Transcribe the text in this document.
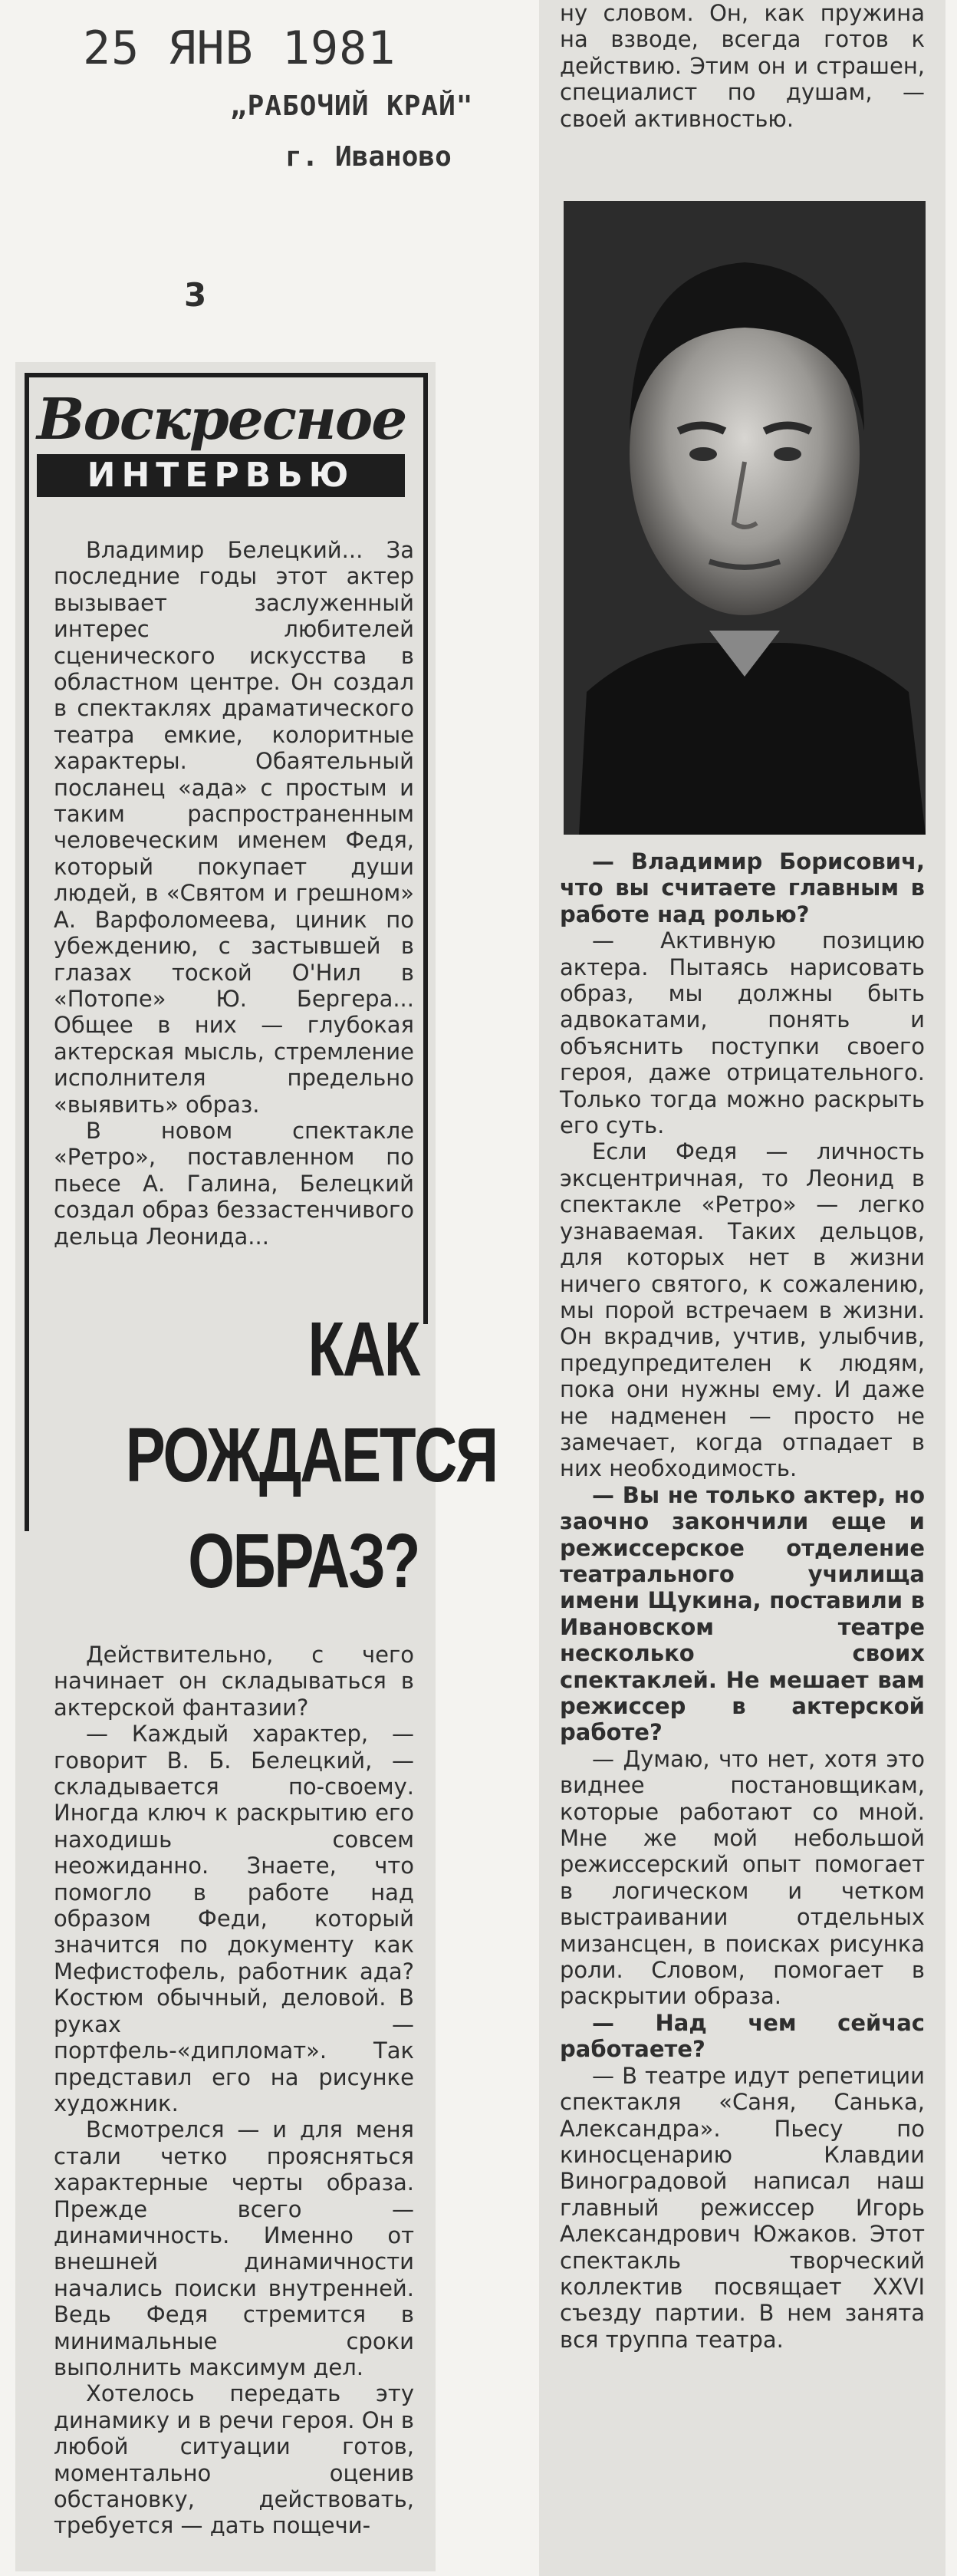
25 ЯНВ 1981
„РАБОЧИЙ КРАЙ"
г. Иваново
3
Воскресное
ИНТЕРВЬЮ

Владимир Белецкий... За последние годы этот актер вызывает заслуженный интерес любителей сценического искусства в областном центре. Он создал в спектаклях драматического театра емкие, колоритные характеры. Обаятельный посланец «ада» с простым и таким распространенным человеческим именем Федя, который покупает души людей, в «Святом и грешном» А. Варфоломеева, циник по убеждению, с застывшей в глазах тоской О'Нил в «Потопе» Ю. Бергера... Общее в них — глубокая актерская мысль, стремление исполнителя предельно «выявить» образ.

В новом спектакле «Ретро», поставленном по пьесе А. Галина, Белецкий создал образ беззастенчивого дельца Леонида...

КАК
РОЖДАЕТСЯ
ОБРАЗ?

Действительно, с чего начинает он складываться в актерской фантазии?

— Каждый характер, — говорит В. Б. Белецкий, — складывается по-своему. Иногда ключ к раскрытию его находишь совсем неожиданно. Знаете, что помогло в работе над образом Феди, который значится по документу как Мефистофель, работник ада? Костюм обычный, деловой. В руках — портфель-«дипломат». Так представил его на рисунке художник.

Всмотрелся — и для меня стали четко проясняться характерные черты образа. Прежде всего — динамичность. Именно от внешней динамичности начались поиски внутренней. Ведь Федя стремится в минимальные сроки выполнить максимум дел.

Хотелось передать эту динамику и в речи героя. Он в любой ситуации готов, моментально оценив обстановку, действовать, требуется — дать пощечи-

ну словом. Он, как пружина на взводе, всегда готов к действию. Этим он и страшен, специалист по душам, — своей активностью.

— Владимир Борисович, что вы считаете главным в работе над ролью?

— Активную позицию актера. Пытаясь нарисовать образ, мы должны быть адвокатами, понять и объяснить поступки своего героя, даже отрицательного. Только тогда можно раскрыть его суть.

Если Федя — личность эксцентричная, то Леонид в спектакле «Ретро» — легко узнаваемая. Таких дельцов, для которых нет в жизни ничего святого, к сожалению, мы порой встречаем в жизни. Он вкрадчив, учтив, улыбчив, предупредителен к людям, пока они нужны ему. И даже не надменен — просто не замечает, когда отпадает в них необходимость.

— Вы не только актер, но заочно закончили еще и режиссерское отделение театрального училища имени Щукина, поставили в Ивановском театре несколько своих спектаклей. Не мешает вам режиссер в актерской работе?

— Думаю, что нет, хотя это виднее постановщикам, которые работают со мной. Мне же мой небольшой режиссерский опыт помогает в логическом и четком выстраивании отдельных мизансцен, в поисках рисунка роли. Словом, помогает в раскрытии образа.

— Над чем сейчас работаете?

— В театре идут репетиции спектакля «Саня, Санька, Александра». Пьесу по киносценарию Клавдии Виноградовой написал наш главный режиссер Игорь Александрович Южаков. Этот спектакль творческий коллектив посвящает XXVI съезду партии. В нем занята вся труппа театра.
